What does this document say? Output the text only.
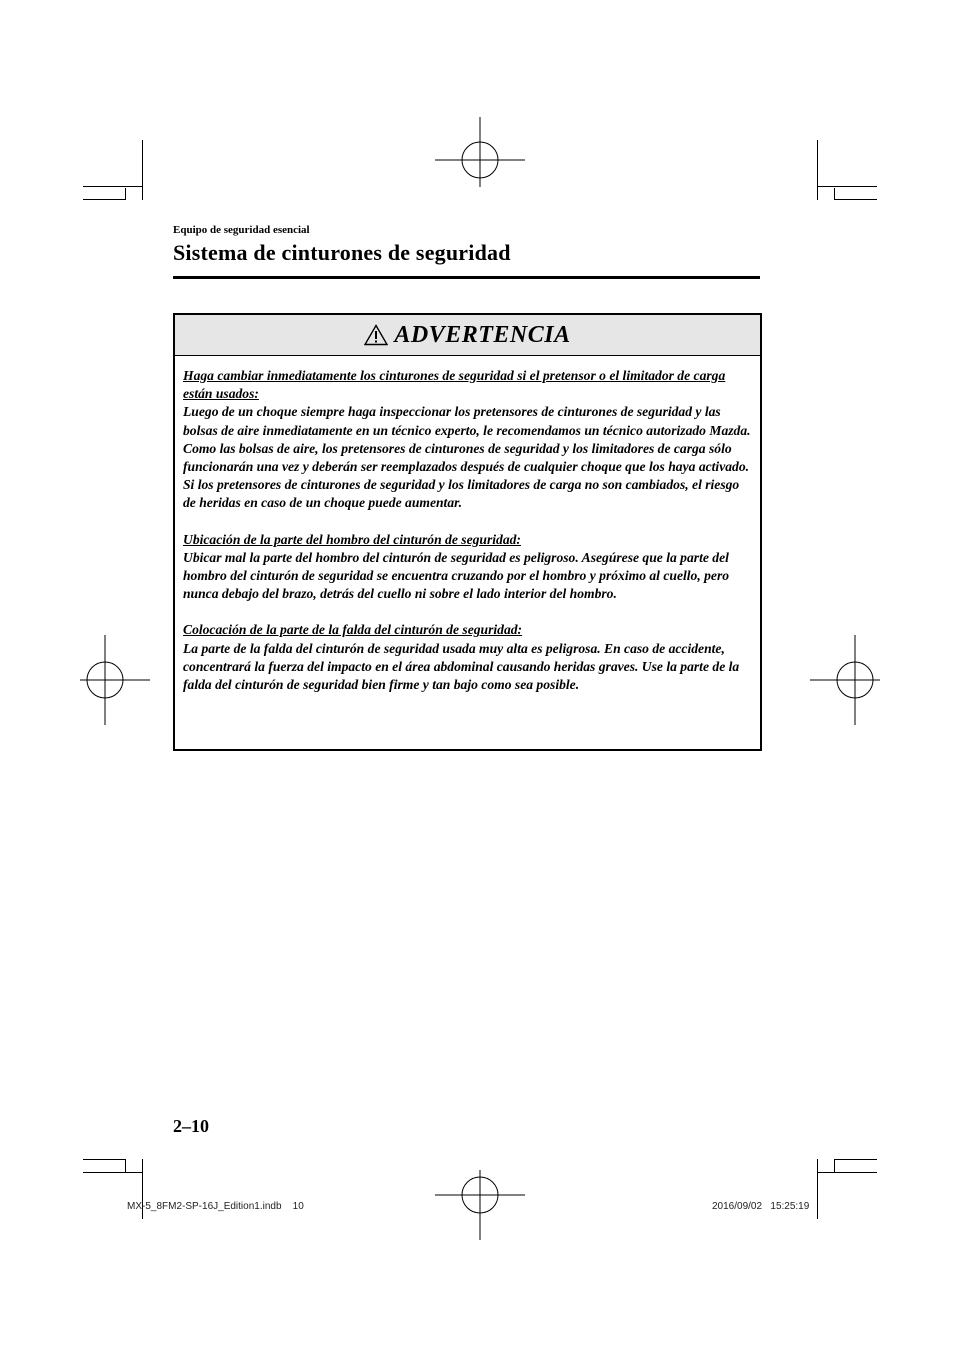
Equipo de seguridad esencial
Sistema de cinturones de seguridad
ADVERTENCIA

Haga cambiar inmediatamente los cinturones de seguridad si el pretensor o el limitador de carga están usados:
Luego de un choque siempre haga inspeccionar los pretensores de cinturones de seguridad y las bolsas de aire inmediatamente en un técnico experto, le recomendamos un técnico autorizado Mazda. Como las bolsas de aire, los pretensores de cinturones de seguridad y los limitadores de carga sólo funcionarán una vez y deberán ser reemplazados después de cualquier choque que los haya activado. Si los pretensores de cinturones de seguridad y los limitadores de carga no son cambiados, el riesgo de heridas en caso de un choque puede aumentar.

Ubicación de la parte del hombro del cinturón de seguridad:
Ubicar mal la parte del hombro del cinturón de seguridad es peligroso. Asegúrese que la parte del hombro del cinturón de seguridad se encuentra cruzando por el hombro y próximo al cuello, pero nunca debajo del brazo, detrás del cuello ni sobre el lado interior del hombro.

Colocación de la parte de la falda del cinturón de seguridad:
La parte de la falda del cinturón de seguridad usada muy alta es peligrosa. En caso de accidente, concentrará la fuerza del impacto en el área abdominal causando heridas graves. Use la parte de la falda del cinturón de seguridad bien firme y tan bajo como sea posible.

2–10
MX-5_8FM2-SP-16J_Edition1.indb    10	2016/09/02   15:25:19
